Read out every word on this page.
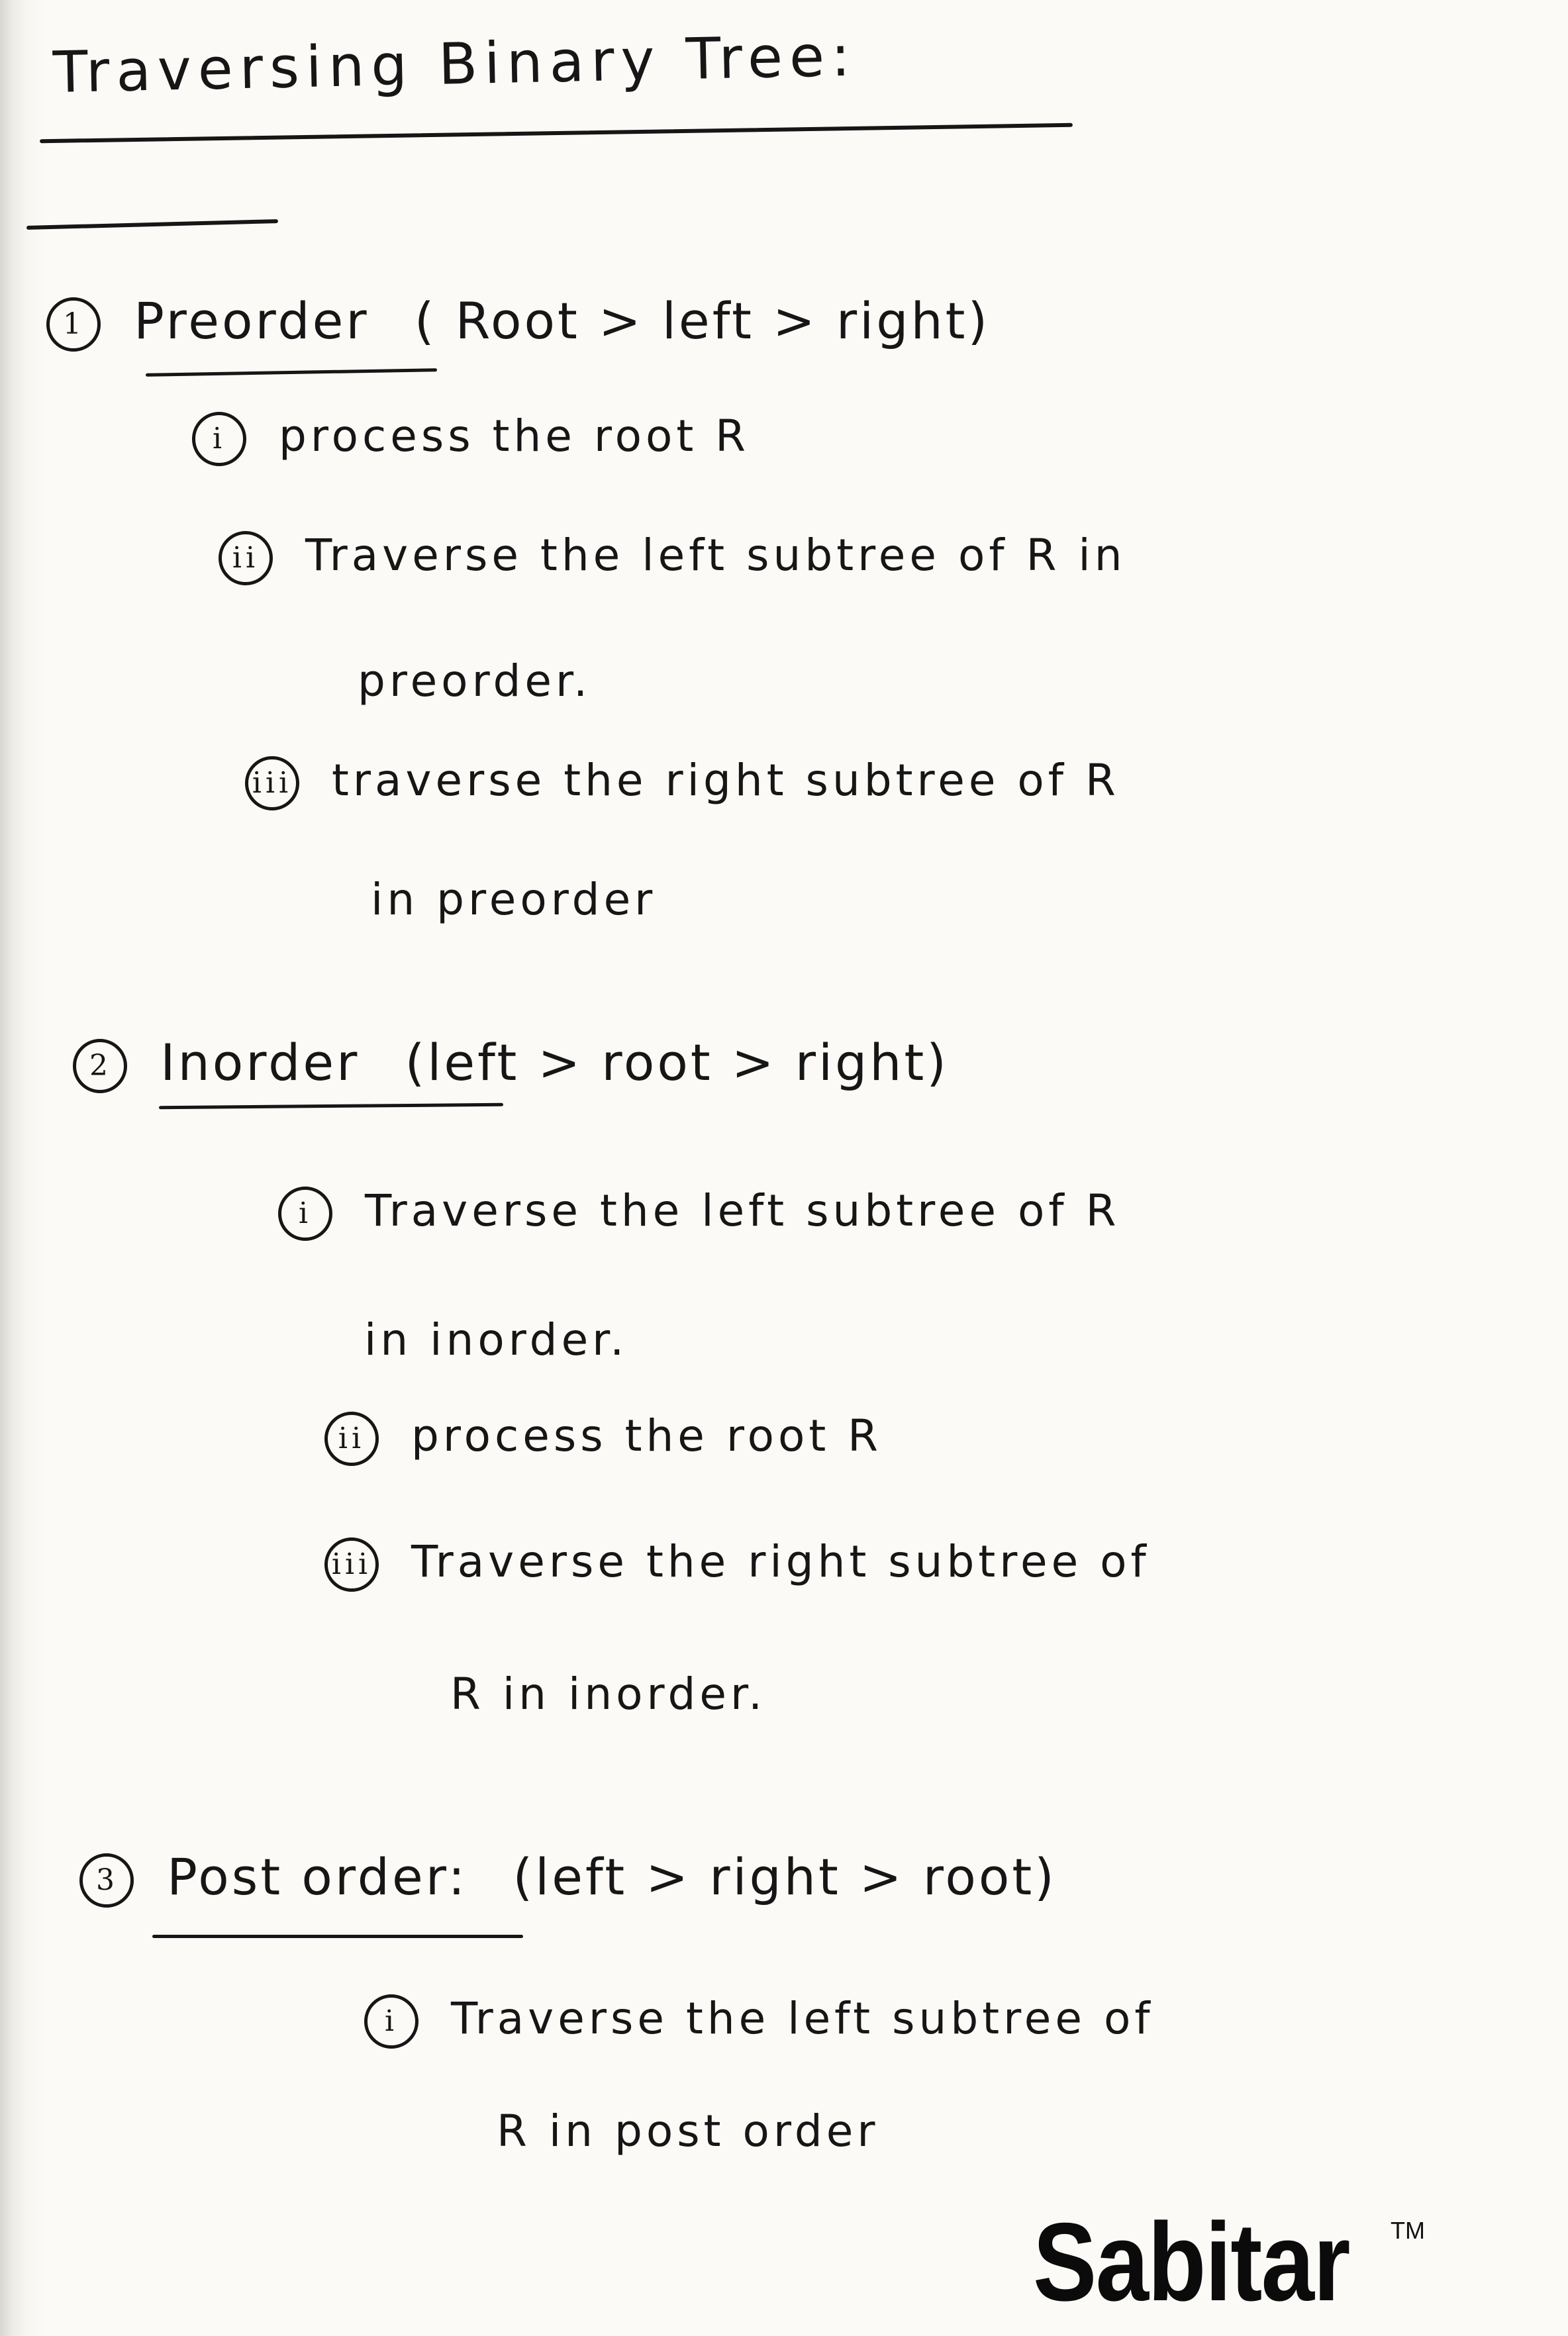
Traversing Binary Tree:
1 Preorder ( Root > left > right)
i process the root R
ii Traverse the left subtree of R in
preorder.
iii traverse the right subtree of R
in preorder
2 Inorder (left > root > right)
i Traverse the left subtree of R
in inorder.
ii process the root R
iii Traverse the right subtree of
R in inorder.
3 Post order: (left > right > root)
i Traverse the left subtree of
R in post order
Sabitar TM
